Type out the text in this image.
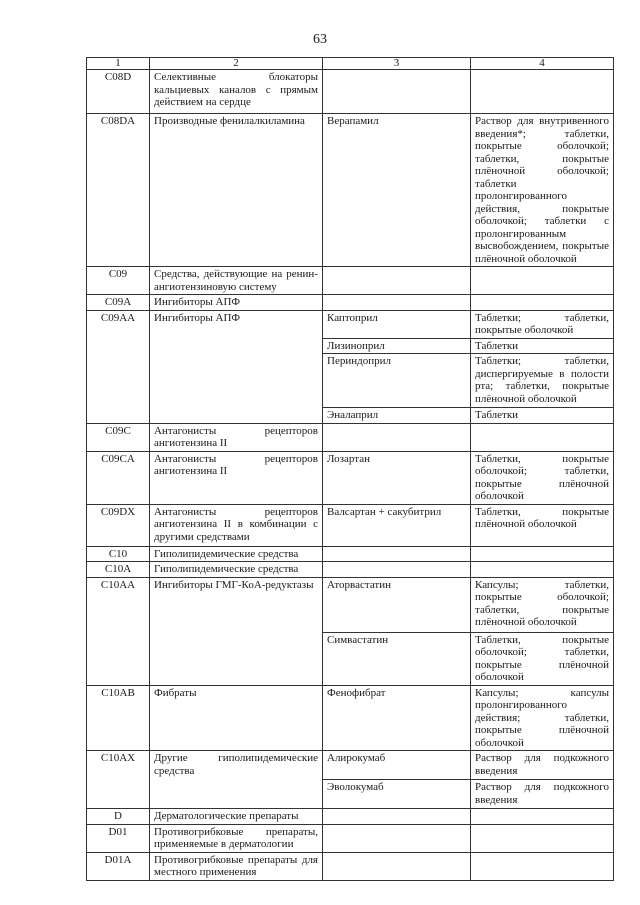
63
1	2	3	4
C08D	Селективные блокаторы кальциевых каналов с прямым действием на сердце		
C08DA	Производные фенилалкиламина	Верапамил	Раствор для внутривенного введения*; таблетки, покрытые оболочкой; таблетки, покрытые плёночной оболочкой; таблетки пролонгированного действия, покрытые оболочкой; таблетки с пролонгированным высвобождением, покрытые плёночной оболочкой
C09	Средства, действующие на ренин-ангиотензиновую систему		
C09A	Ингибиторы АПФ		
C09AA	Ингибиторы АПФ	Каптоприл	Таблетки; таблетки, покрытые оболочкой
		Лизиноприл	Таблетки
		Периндоприл	Таблетки; таблетки, диспергируемые в полости рта; таблетки, покрытые плёночной оболочкой
		Эналаприл	Таблетки
C09C	Антагонисты рецепторов ангиотензина II		
C09CA	Антагонисты рецепторов ангиотензина II	Лозартан	Таблетки, покрытые оболочкой; таблетки, покрытые плёночной оболочкой
C09DX	Антагонисты рецепторов ангиотензина II в комбинации с другими средствами	Валсартан + сакубитрил	Таблетки, покрытые плёночной оболочкой
C10	Гиполипидемические средства		
C10A	Гиполипидемические средства		
C10AA	Ингибиторы ГМГ-КоА-редуктазы	Аторвастатин	Капсулы; таблетки, покрытые оболочкой; таблетки, покрытые плёночной оболочкой
		Симвастатин	Таблетки, покрытые оболочкой; таблетки, покрытые плёночной оболочкой
C10AB	Фибраты	Фенофибрат	Капсулы; капсулы пролонгированного действия; таблетки, покрытые плёночной оболочкой
C10AX	Другие гиполипидемические средства	Алирокумаб	Раствор для подкожного введения
		Эволокумаб	Раствор для подкожного введения
D	Дерматологические препараты		
D01	Противогрибковые препараты, применяемые в дерматологии		
D01A	Противогрибковые препараты для местного применения		
